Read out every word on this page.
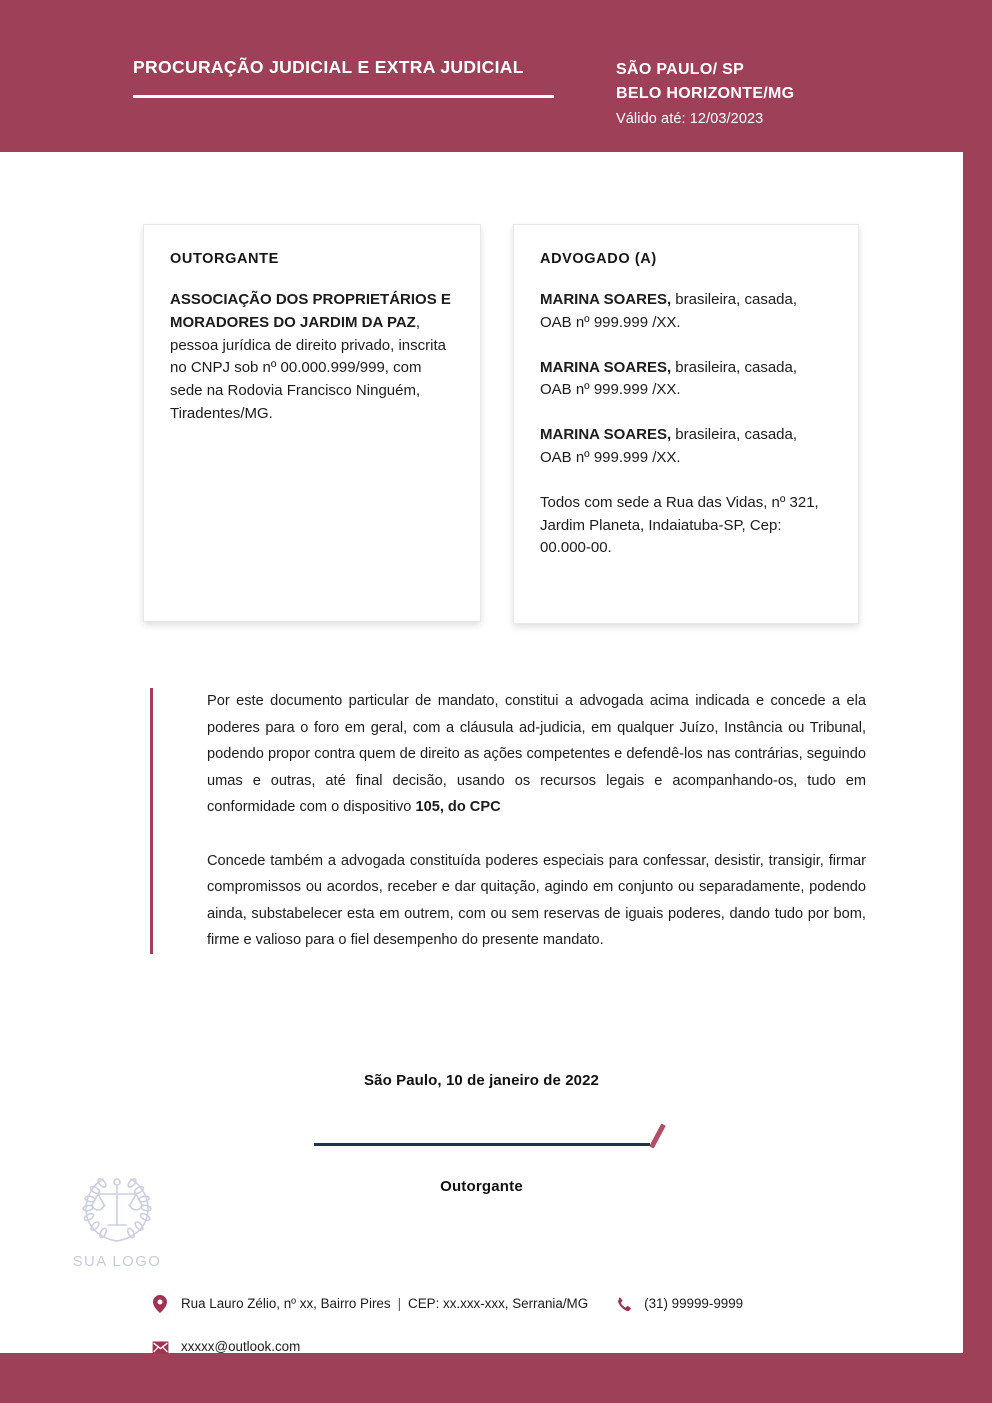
PROCURAÇÃO JUDICIAL E EXTRA JUDICIAL	SÃO PAULO/ SP
BELO HORIZONTE/MG
Válido até: 12/03/2023
OUTORGANTE
ASSOCIAÇÃO DOS PROPRIETÁRIOS E MORADORES DO JARDIM DA PAZ, pessoa jurídica de direito privado, inscrita no CNPJ sob nº 00.000.999/999, com sede na Rodovia Francisco Ninguém, Tiradentes/MG.
ADVOGADO (A)
MARINA SOARES, brasileira, casada, OAB nº 999.999 /XX.
MARINA SOARES, brasileira, casada, OAB nº 999.999 /XX.
MARINA SOARES, brasileira, casada, OAB nº 999.999 /XX.
Todos com sede a Rua das Vidas, nº 321, Jardim Planeta, Indaiatuba-SP, Cep: 00.000-00.
Por este documento particular de mandato, constitui a advogada acima indicada e concede a ela poderes para o foro em geral, com a cláusula ad-judicia, em qualquer Juízo, Instância ou Tribunal, podendo propor contra quem de direito as ações competentes e defendê-los nas contrárias, seguindo umas e outras, até final decisão, usando os recursos legais e acompanhando-os, tudo em conformidade com o dispositivo 105, do CPC
Concede também a advogada constituída poderes especiais para confessar, desistir, transigir, firmar compromissos ou acordos, receber e dar quitação, agindo em conjunto ou separadamente, podendo ainda, substabelecer esta em outrem, com ou sem reservas de iguais poderes, dando tudo por bom, firme e valioso para o fiel desempenho do presente mandato.
São Paulo, 10 de janeiro de 2022
Outorgante
SUA LOGO
Rua Lauro Zélio, nº xx, Bairro Pires | CEP: xx.xxx-xxx, Serrania/MG	(31) 99999-9999
xxxxx@outlook.com
